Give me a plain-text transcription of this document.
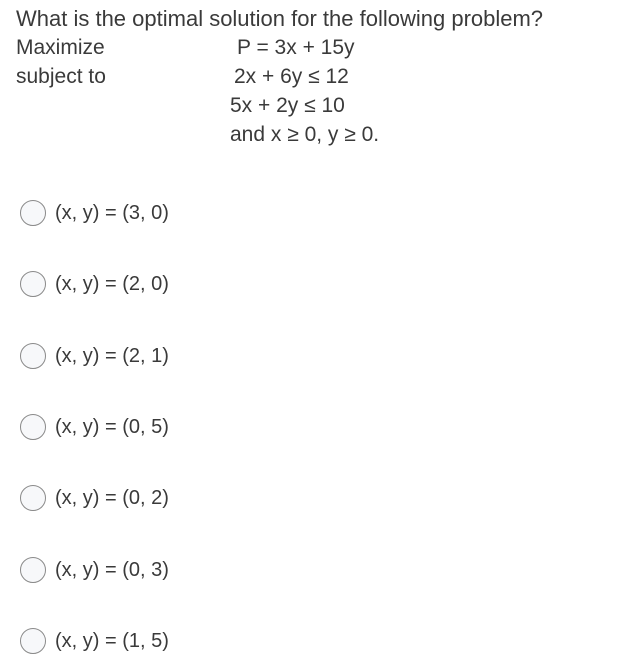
What is the optimal solution for the following problem?
Maximize	P = 3x + 15y
subject to	2x + 6y ≤ 12
5x + 2y ≤ 10
and x ≥ 0, y ≥ 0.
(x, y) = (3, 0)
(x, y) = (2, 0)
(x, y) = (2, 1)
(x, y) = (0, 5)
(x, y) = (0, 2)
(x, y) = (0, 3)
(x, y) = (1, 5)
